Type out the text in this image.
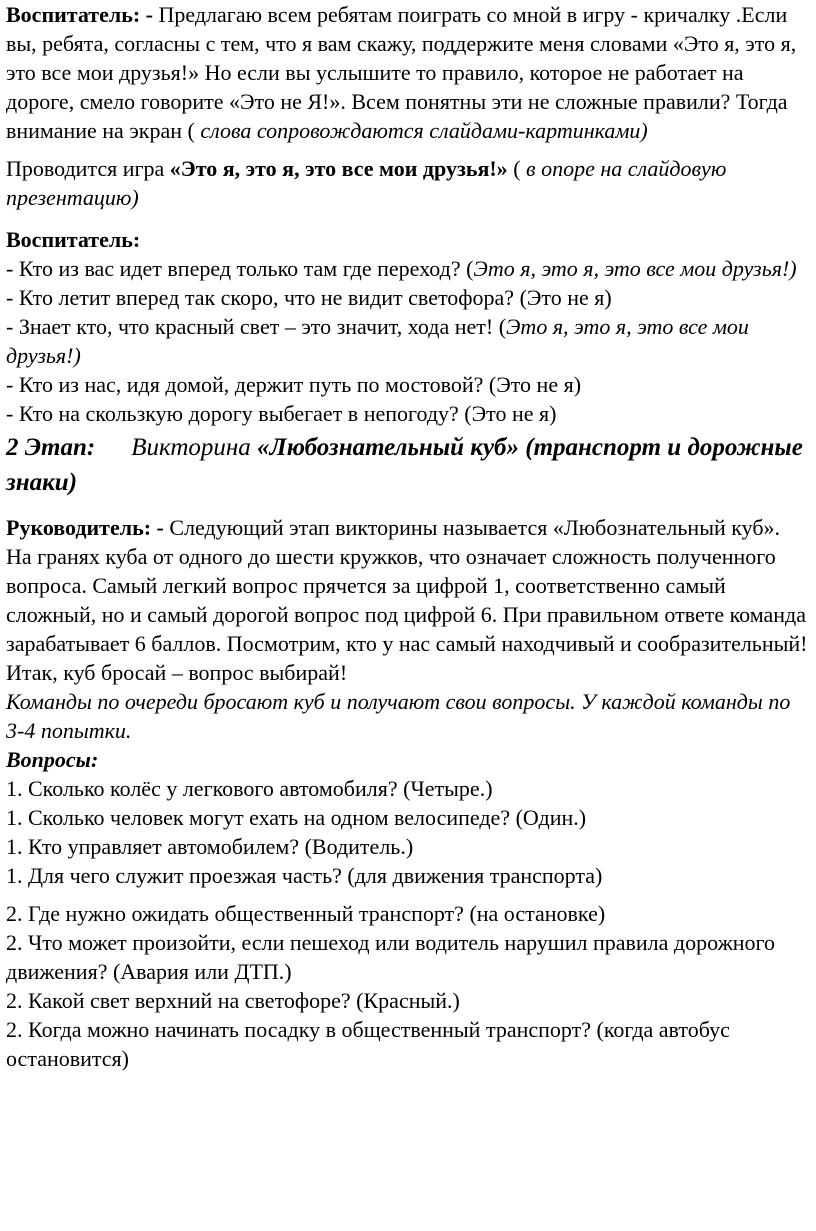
Воспитатель: - Предлагаю всем ребятам поиграть со мной в игру - кричалку .Если вы, ребята, согласны с тем, что я вам скажу, поддержите меня словами «Это я, это я, это все мои друзья!» Но если вы услышите то правило, которое не работает на дороге, смело говорите «Это не Я!». Всем понятны эти не сложные правили? Тогда внимание на экран ( слова сопровождаются слайдами-картинками)

Проводится игра «Это я, это я, это все мои друзья!» ( в опоре на слайдовую презентацию)

Воспитатель:

- Кто из вас идет вперед только там где переход? (Это я, это я, это все мои друзья!)

- Кто летит вперед так скоро, что не видит светофора? (Это не я)

- Знает кто, что красный свет – это значит, хода нет! (Это я, это я, это все мои друзья!)

- Кто из нас, идя домой, держит путь по мостовой? (Это не я)

- Кто на скользкую дорогу выбегает в непогоду? (Это не я)

2 Этап: Викторина «Любознательный куб» (транспорт и дорожные знаки)

Руководитель: - Следующий этап викторины называется «Любознательный куб». На гранях куба от одного до шести кружков, что означает сложность полученного вопроса. Самый легкий вопрос прячется за цифрой 1, соответственно самый сложный, но и самый дорогой вопрос под цифрой 6. При правильном ответе команда зарабатывает 6 баллов. Посмотрим, кто у нас самый находчивый и сообразительный!

Итак, куб бросай – вопрос выбирай!

Команды по очереди бросают куб и получают свои вопросы. У каждой команды по 3-4 попытки.

Вопросы:

1. Сколько колёс у легкового автомобиля? (Четыре.)

1. Сколько человек могут ехать на одном велосипеде? (Один.)

1. Кто управляет автомобилем? (Водитель.)

1. Для чего служит проезжая часть? (для движения транспорта)

2. Где нужно ожидать общественный транспорт? (на остановке)

2. Что может произойти, если пешеход или водитель нарушил правила дорожного движения? (Авария или ДТП.)

2. Какой свет верхний на светофоре? (Красный.)

2. Когда можно начинать посадку в общественный транспорт? (когда автобус остановится)
